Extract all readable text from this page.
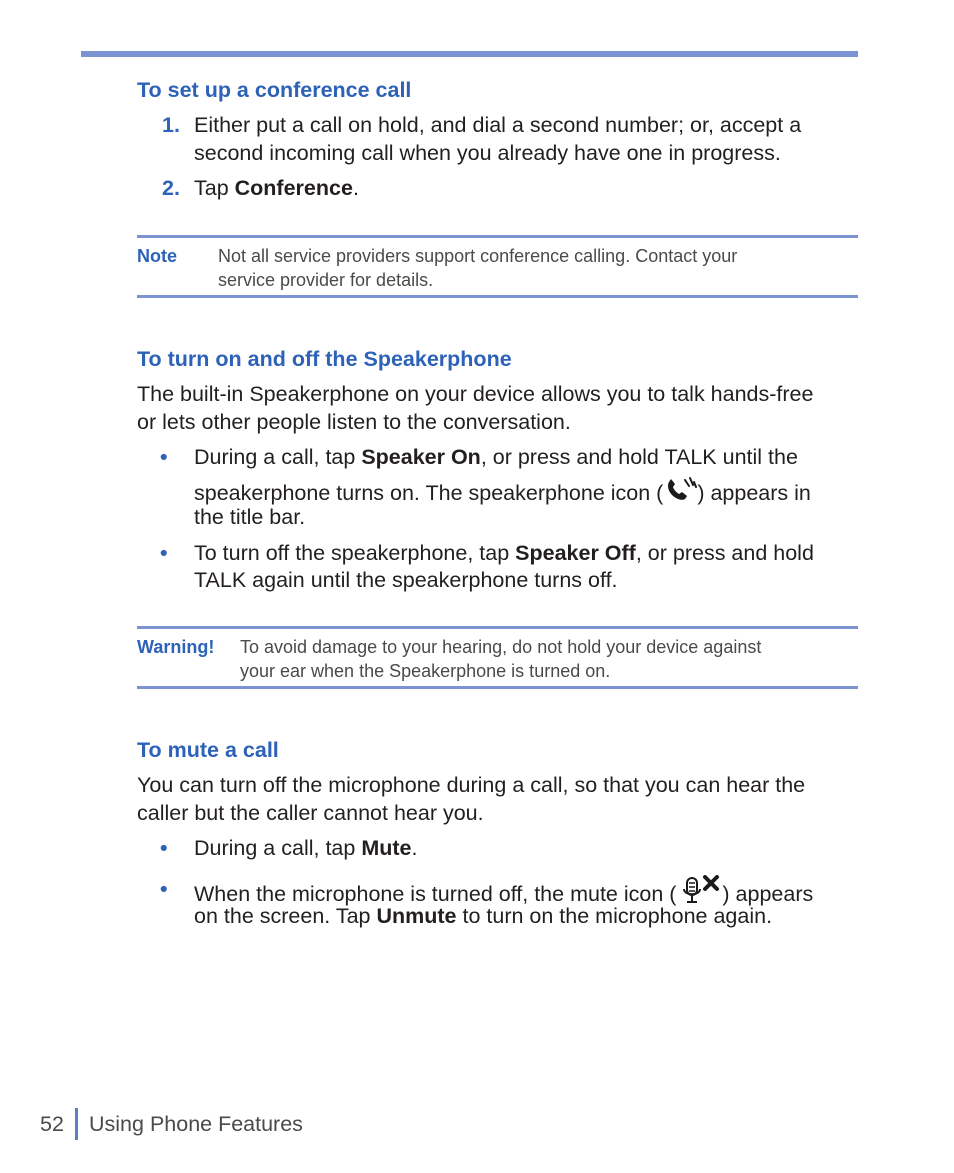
To set up a conference call
1. Either put a call on hold, and dial a second number; or, accept a

second incoming call when you already have one in progress.

2. Tap Conference.

Note Not all service providers support conference calling. Contact your
service provider for details.
To turn on and off the Speakerphone

The built-in Speakerphone on your device allows you to talk hands-free

or lets other people listen to the conversation.

• During a call, tap Speaker On, or press and hold TALK until the

speakerphone turns on. The speakerphone icon ( ) appears in

the title bar.

• To turn off the speakerphone, tap Speaker Off, or press and hold

TALK again until the speakerphone turns off.

Warning! To avoid damage to your hearing, do not hold your device against
your ear when the Speakerphone is turned on.
To mute a call

You can turn off the microphone during a call, so that you can hear the

caller but the caller cannot hear you.

• During a call, tap Mute.

• When the microphone is turned off, the mute icon ( ) appears

on the screen. Tap Unmute to turn on the microphone again.

52 Using Phone Features
